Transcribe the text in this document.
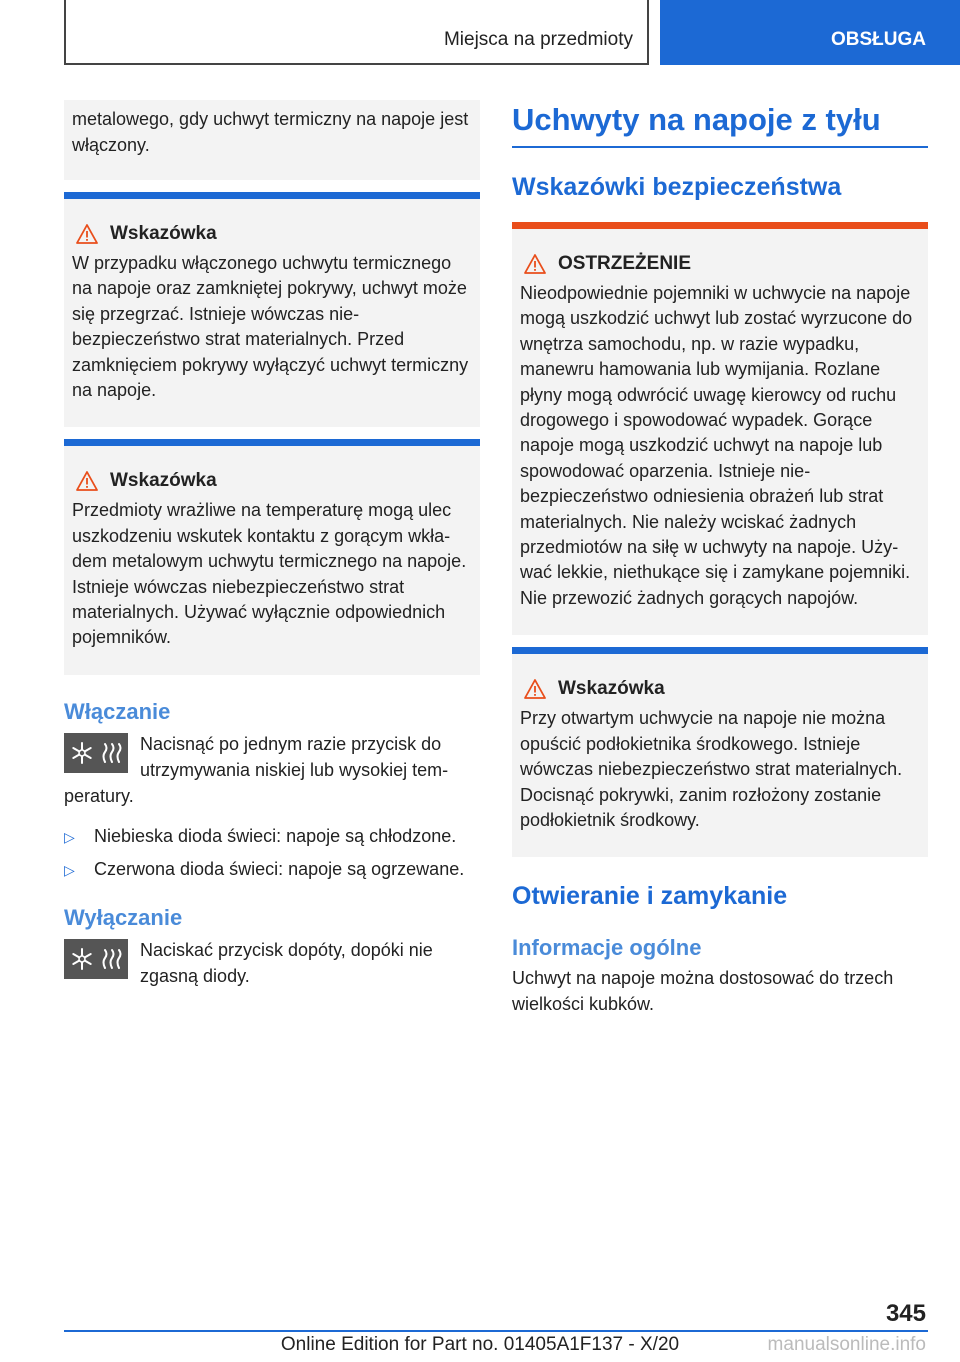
Miejsca na przedmioty	OBSŁUGA

metalowego, gdy uchwyt termiczny na napoje jest włączony.

Wskazówka

W przypadku włączonego uchwytu termicznego na napoje oraz zamkniętej pokrywy, uchwyt może się przegrzać. Istnieje wówczas niebezpieczeństwo strat materialnych. Przed zamknięciem pokrywy wyłączyć uchwyt termiczny na napoje.

Wskazówka

Przedmioty wrażliwe na temperaturę mogą ulec uszkodzeniu wskutek kontaktu z gorącym wkładem metalowym uchwytu termicznego na napoje. Istnieje wówczas niebezpieczeństwo strat materialnych. Używać wyłącznie odpowiednich pojemników.

Włączanie

Nacisnąć po jednym razie przycisk do utrzymywania niskiej lub wysokiej temperatury.

▷	Niebieska dioda świeci: napoje są chłodzone.
▷	Czerwona dioda świeci: napoje są ogrzewane.
Wyłączanie

Naciskać przycisk dopóty, dopóki nie zgasną diody.

Uchwyty na napoje z tyłu
Wskazówki bezpieczeństwa
OSTRZEŻENIE

Nieodpowiednie pojemniki w uchwycie na napoje mogą uszkodzić uchwyt lub zostać wyrzucone do wnętrza samochodu, np. w razie wypadku, manewru hamowania lub wymijania. Rozlane płyny mogą odwrócić uwagę kierowcy od ruchu drogowego i spowodować wypadek. Gorące napoje mogą uszkodzić uchwyt na napoje lub spowodować oparzenia. Istnieje niebezpieczeństwo odniesienia obrażeń lub strat materialnych. Nie należy wciskać żadnych przedmiotów na siłę w uchwyty na napoje. Używać lekkie, niethukące się i zamykane pojemniki. Nie przewozić żadnych gorących napojów.

Wskazówka

Przy otwartym uchwycie na napoje nie można opuścić podłokietnika środkowego. Istnieje wówczas niebezpieczeństwo strat materialnych. Docisnąć pokrywki, zanim rozłożony zostanie podłokietnik środkowy.

Otwieranie i zamykanie
Informacje ogólne

Uchwyt na napoje można dostosować do trzech wielkości kubków.

345
Online Edition for Part no. 01405A1F137 - X/20	manualsonline.info
